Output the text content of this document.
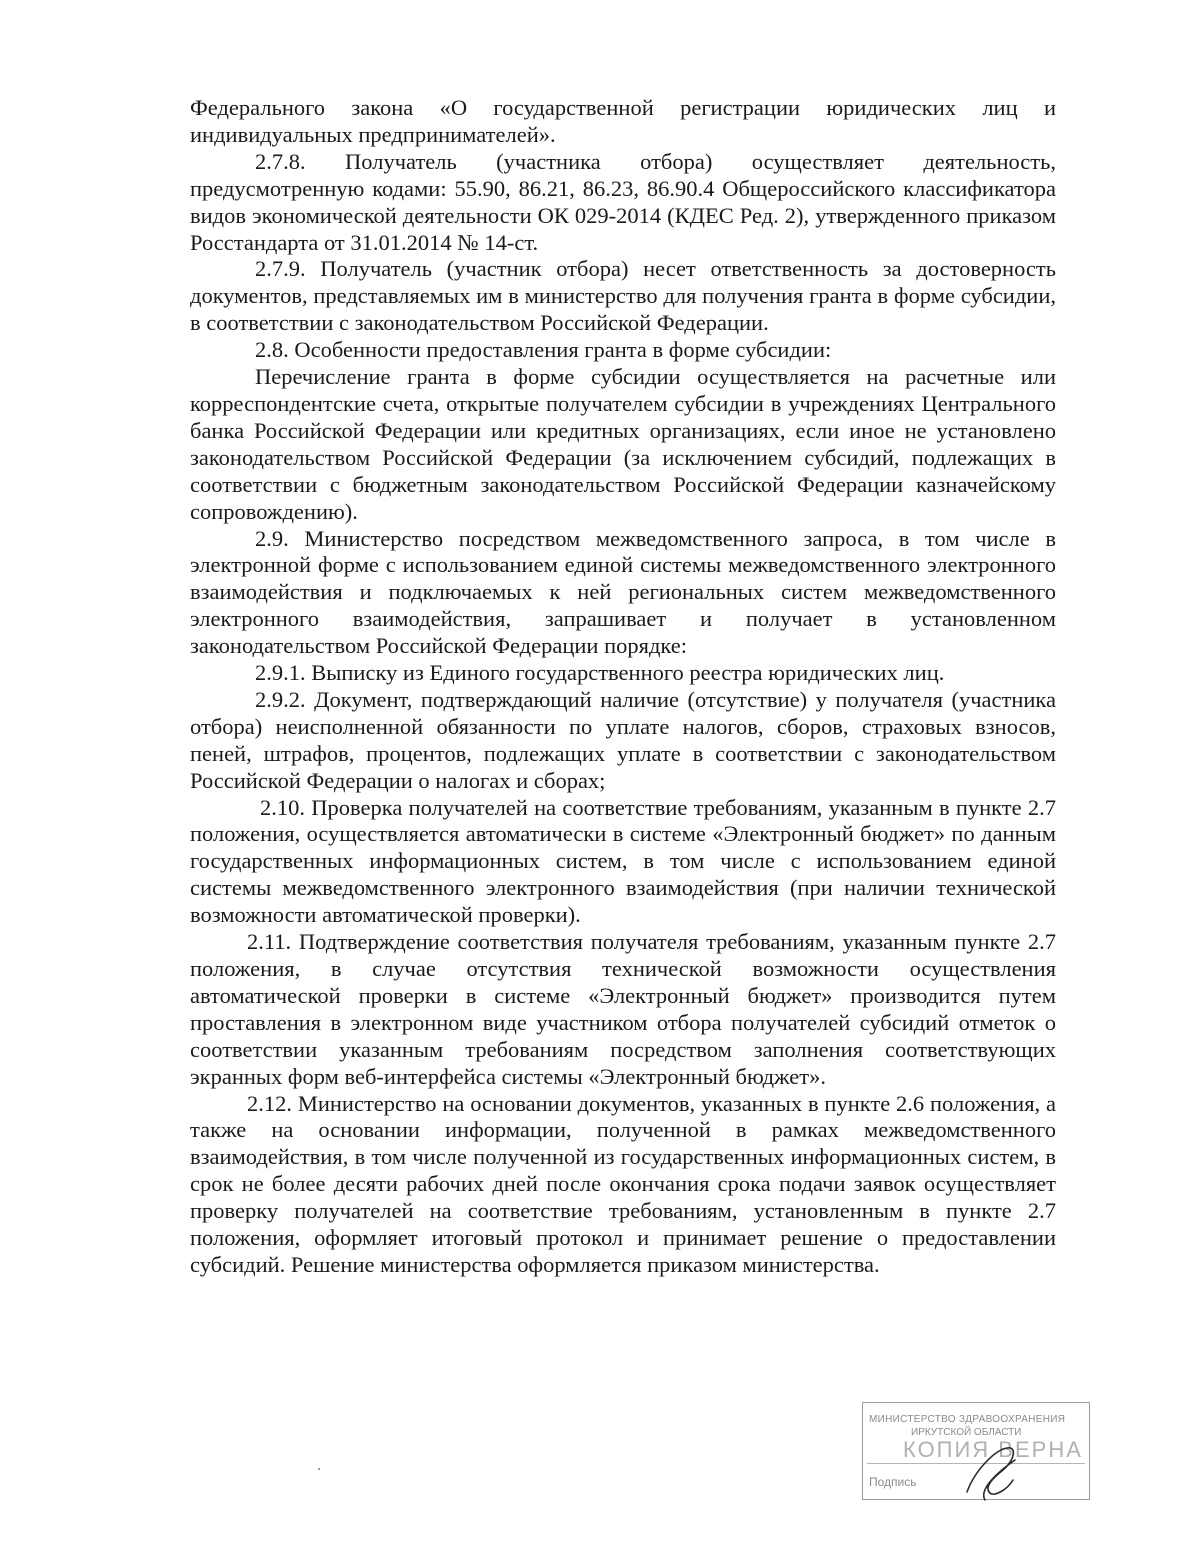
Федерального закона «О государственной регистрации юридических лиц и индивидуальных предпринимателей».

2.7.8. Получатель (участника отбора) осуществляет деятельность, предусмотренную кодами: 55.90, 86.21, 86.23, 86.90.4 Общероссийского классификатора видов экономической деятельности ОК 029-2014 (КДЕС Ред. 2), утвержденного приказом Росстандарта от 31.01.2014 № 14-ст.

2.7.9. Получатель (участник отбора) несет ответственность за достоверность документов, представляемых им в министерство для получения гранта в форме субсидии, в соответствии с законодательством Российской Федерации.

2.8. Особенности предоставления гранта в форме субсидии:

Перечисление гранта в форме субсидии осуществляется на расчетные или корреспондентские счета, открытые получателем субсидии в учреждениях Центрального банка Российской Федерации или кредитных организациях, если иное не установлено законодательством Российской Федерации (за исключением субсидий, подлежащих в соответствии с бюджетным законодательством Российской Федерации казначейскому сопровождению).

2.9. Министерство посредством межведомственного запроса, в том числе в электронной форме с использованием единой системы межведомственного электронного взаимодействия и подключаемых к ней региональных систем межведомственного электронного взаимодействия, запрашивает и получает в установленном законодательством Российской Федерации порядке:

2.9.1. Выписку из Единого государственного реестра юридических лиц.

2.9.2. Документ, подтверждающий наличие (отсутствие) у получателя (участника отбора) неисполненной обязанности по уплате налогов, сборов, страховых взносов, пеней, штрафов, процентов, подлежащих уплате в соответствии с законодательством Российской Федерации о налогах и сборах;

2.10. Проверка получателей на соответствие требованиям, указанным в пункте 2.7 положения, осуществляется автоматически в системе «Электронный бюджет» по данным государственных информационных систем, в том числе с использованием единой системы межведомственного электронного взаимодействия (при наличии технической возможности автоматической проверки).

2.11. Подтверждение соответствия получателя требованиям, указанным пункте 2.7 положения, в случае отсутствия технической возможности осуществления автоматической проверки в системе «Электронный бюджет» производится путем проставления в электронном виде участником отбора получателей субсидий отметок о соответствии указанным требованиям посредством заполнения соответствующих экранных форм веб-интерфейса системы «Электронный бюджет».

2.12. Министерство на основании документов, указанных в пункте 2.6 положения, а также на основании информации, полученной в рамках межведомственного взаимодействия, в том числе полученной из государственных информационных систем, в срок не более десяти рабочих дней после окончания срока подачи заявок осуществляет проверку получателей на соответствие требованиям, установленным в пункте 2.7 положения, оформляет итоговый протокол и принимает решение о предоставлении субсидий. Решение министерства оформляется приказом министерства.

МИНИСТЕРСТВО ЗДРАВООХРАНЕНИЯ
ИРКУТСКОЙ ОБЛАСТИ
КОПИЯ ВЕРНА
Подпись
